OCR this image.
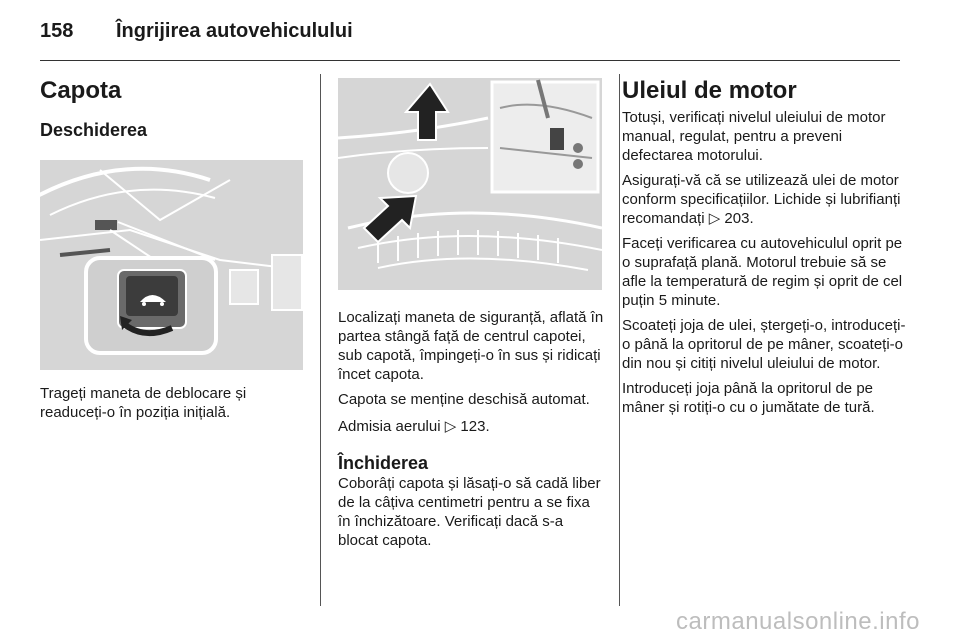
158 Îngrijirea autovehiculului
Capota
Deschiderea

Trageți maneta de deblocare și readuceți-o în poziția inițială.

Localizați maneta de siguranță, aflată în partea stângă față de centrul capotei, sub capotă, împingeți-o în sus și ridicați încet capota.

Capota se menține deschisă automat.

Admisia aerului ▷ 123.

Închiderea

Coborâți capota și lăsați-o să cadă liber de la câțiva centimetri pentru a se fixa în închizătoare. Verificați dacă s-a blocat capota.

Uleiul de motor

Totuși, verificați nivelul uleiului de motor manual, regulat, pentru a preveni defectarea motorului.

Asigurați-vă că se utilizează ulei de motor conform specificațiilor. Lichide și lubrifianți recomandați ▷ 203.

Faceți verificarea cu autovehiculul oprit pe o suprafață plană. Motorul trebuie să se afle la temperatură de regim și oprit de cel puțin 5 minute.

Scoateți joja de ulei, ștergeți-o, introduceți-o până la opritorul de pe mâner, scoateți-o din nou și citiți nivelul uleiului de motor.

Introduceți joja până la opritorul de pe mâner și rotiți-o cu o jumătate de tură.

carmanualsonline.info
